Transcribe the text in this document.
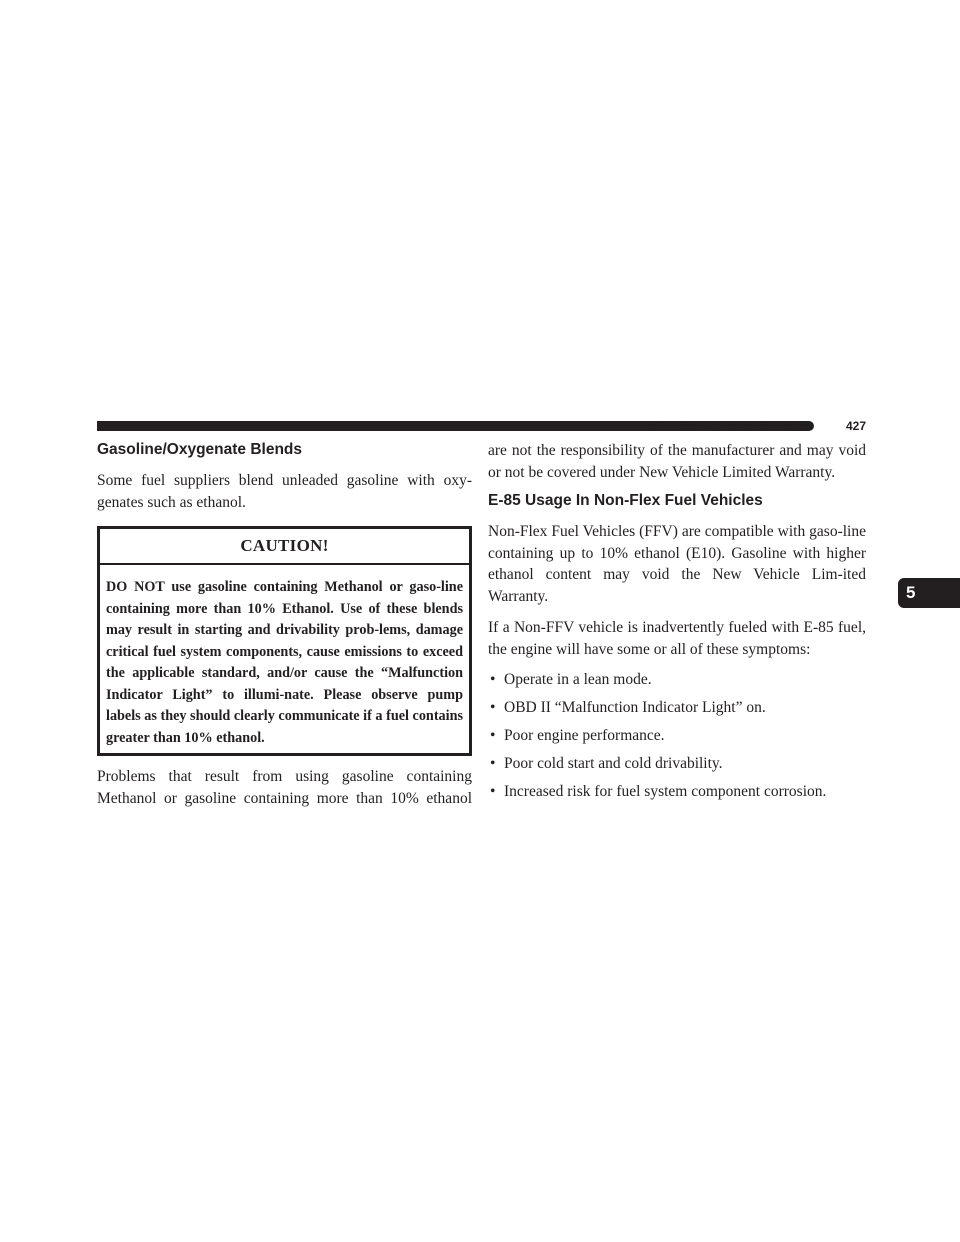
STARTING AND OPERATING	427
Gasoline/Oxygenate Blends

Some fuel suppliers blend unleaded gasoline with oxy-genates such as ethanol.

CAUTION!
DO NOT use gasoline containing Methanol or gaso-line containing more than 10% Ethanol. Use of these blends may result in starting and drivability prob-lems, damage critical fuel system components, cause emissions to exceed the applicable standard, and/or cause the “Malfunction Indicator Light” to illumi-nate. Please observe pump labels as they should clearly communicate if a fuel contains greater than 10% ethanol.

Problems that result from using gasoline containing Methanol or gasoline containing more than 10% ethanol

are not the responsibility of the manufacturer and may void or not be covered under New Vehicle Limited Warranty.

E-85 Usage In Non-Flex Fuel Vehicles

Non-Flex Fuel Vehicles (FFV) are compatible with gaso-line containing up to 10% ethanol (E10). Gasoline with higher ethanol content may void the New Vehicle Lim-ited Warranty.

If a Non-FFV vehicle is inadvertently fueled with E-85 fuel, the engine will have some or all of these symptoms:

• Operate in a lean mode.
• OBD II “Malfunction Indicator Light” on.
• Poor engine performance.
• Poor cold start and cold drivability.
• Increased risk for fuel system component corrosion.
5
